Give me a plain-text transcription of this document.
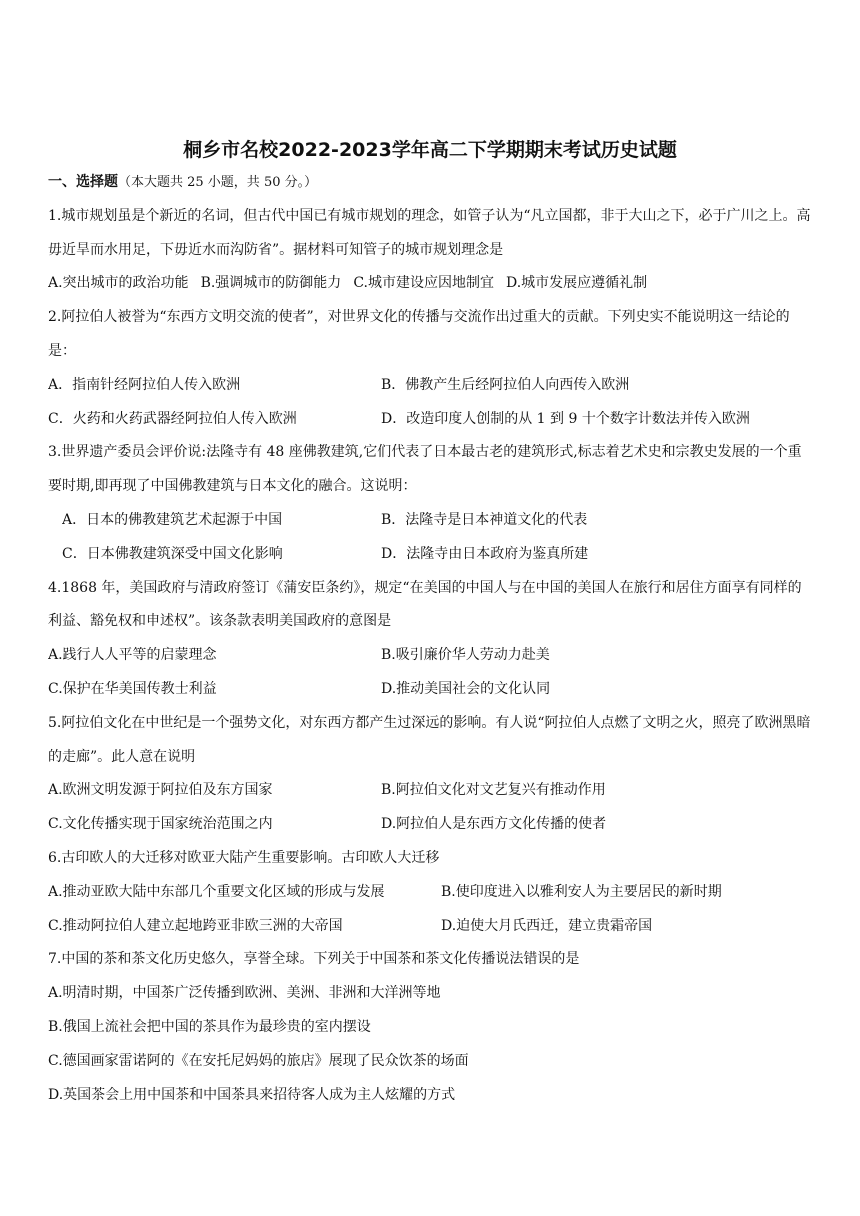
桐乡市名校2022-2023学年高二下学期期末考试历史试题
一、选择题（本大题共 25 小题，共 50 分。）
1.城市规划虽是个新近的名词，但古代中国已有城市规划的理念，如管子认为“凡立国都，非于大山之下，必于广川之上。高毋近旱而水用足，下毋近水而沟防省”。据材料可知管子的城市规划理念是
A.突出城市的政治功能 B.强调城市的防御能力 C.城市建设应因地制宜 D.城市发展应遵循礼制
2.阿拉伯人被誉为“东西方文明交流的使者”，对世界文化的传播与交流作出过重大的贡献。下列史实不能说明这一结论的是：
A．指南针经阿拉伯人传入欧洲	B．佛教产生后经阿拉伯人向西传入欧洲
C．火药和火药武器经阿拉伯人传入欧洲	D．改造印度人创制的从 1 到 9 十个数字计数法并传入欧洲
3.世界遗产委员会评价说:法隆寺有 48 座佛教建筑,它们代表了日本最古老的建筑形式,标志着艺术史和宗教史发展的一个重要时期,即再现了中国佛教建筑与日本文化的融合。这说明：
A．日本的佛教建筑艺术起源于中国	B．法隆寺是日本神道文化的代表
C．日本佛教建筑深受中国文化影响	D．法隆寺由日本政府为鉴真所建
4.1868 年，美国政府与清政府签订《蒲安臣条约》，规定“在美国的中国人与在中国的美国人在旅行和居住方面享有同样的利益、豁免权和申述权”。该条款表明美国政府的意图是
A.践行人人平等的启蒙理念	B.吸引廉价华人劳动力赴美
C.保护在华美国传教士利益	D.推动美国社会的文化认同
5.阿拉伯文化在中世纪是一个强势文化，对东西方都产生过深远的影响。有人说“阿拉伯人点燃了文明之火，照亮了欧洲黑暗的走廊”。此人意在说明
A.欧洲文明发源于阿拉伯及东方国家	B.阿拉伯文化对文艺复兴有推动作用
C.文化传播实现于国家统治范围之内	D.阿拉伯人是东西方文化传播的使者
6.古印欧人的大迁移对欧亚大陆产生重要影响。古印欧人大迁移
A.推动亚欧大陆中东部几个重要文化区域的形成与发展	B.使印度进入以雅利安人为主要居民的新时期
C.推动阿拉伯人建立起地跨亚非欧三洲的大帝国	D.迫使大月氏西迁，建立贵霜帝国
7.中国的茶和茶文化历史悠久，享誉全球。下列关于中国茶和茶文化传播说法错误的是
A.明清时期，中国茶广泛传播到欧洲、美洲、非洲和大洋洲等地
B.俄国上流社会把中国的茶具作为最珍贵的室内摆设
C.德国画家雷诺阿的《在安托尼妈妈的旅店》展现了民众饮茶的场面
D.英国茶会上用中国茶和中国茶具来招待客人成为主人炫耀的方式
